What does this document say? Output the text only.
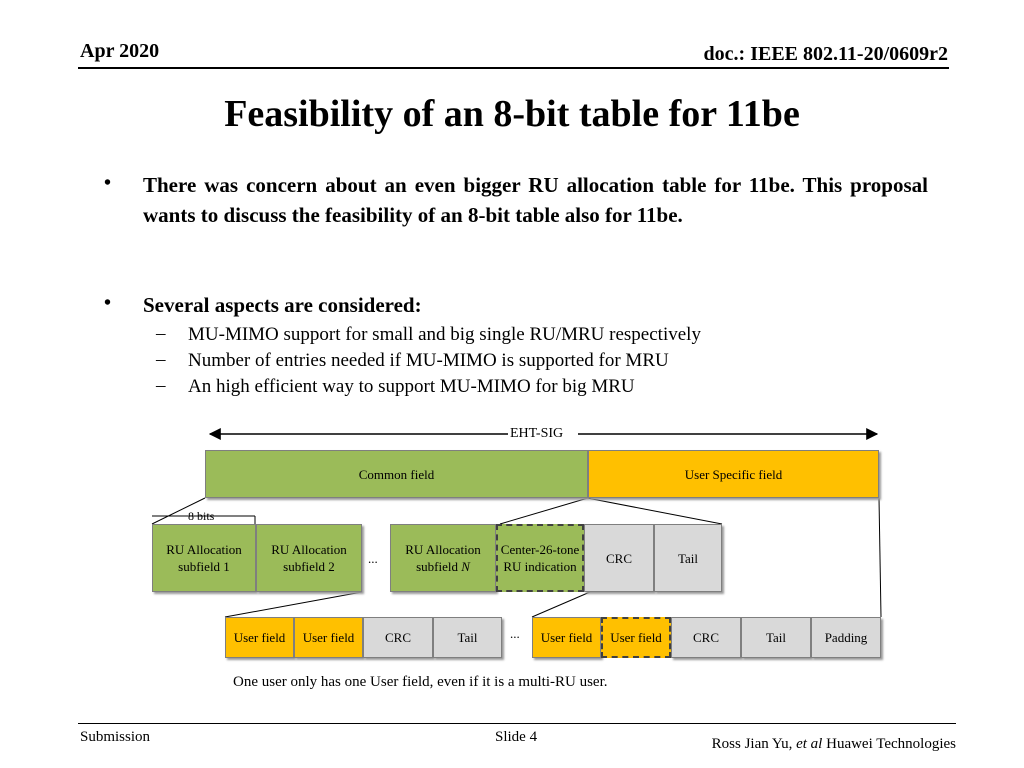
Apr 2020	doc.: IEEE 802.11-20/0609r2
Feasibility of an 8-bit table for 11be
• There was concern about an even bigger RU allocation table for 11be. This proposal wants to discuss the feasibility of an 8-bit table also for 11be.
• Several aspects are considered:
– MU-MIMO support for small and big single RU/MRU respectively
– Number of entries needed if MU-MIMO is supported for MRU
– An high efficient way to support MU-MIMO for big MRU
EHT-SIG
Common field	User Specific field
8 bits
RU Allocation subfield 1
RU Allocation subfield 2
...
RU Allocation subfield N
Center-26-tone RU indication
CRC	Tail
User field User field CRC	Tail ... User field User field CRC	Tail	Padding
One user only has one User field, even if it is a multi-RU user.
Submission	Slide 4	Ross Jian Yu, et al Huawei Technologies
